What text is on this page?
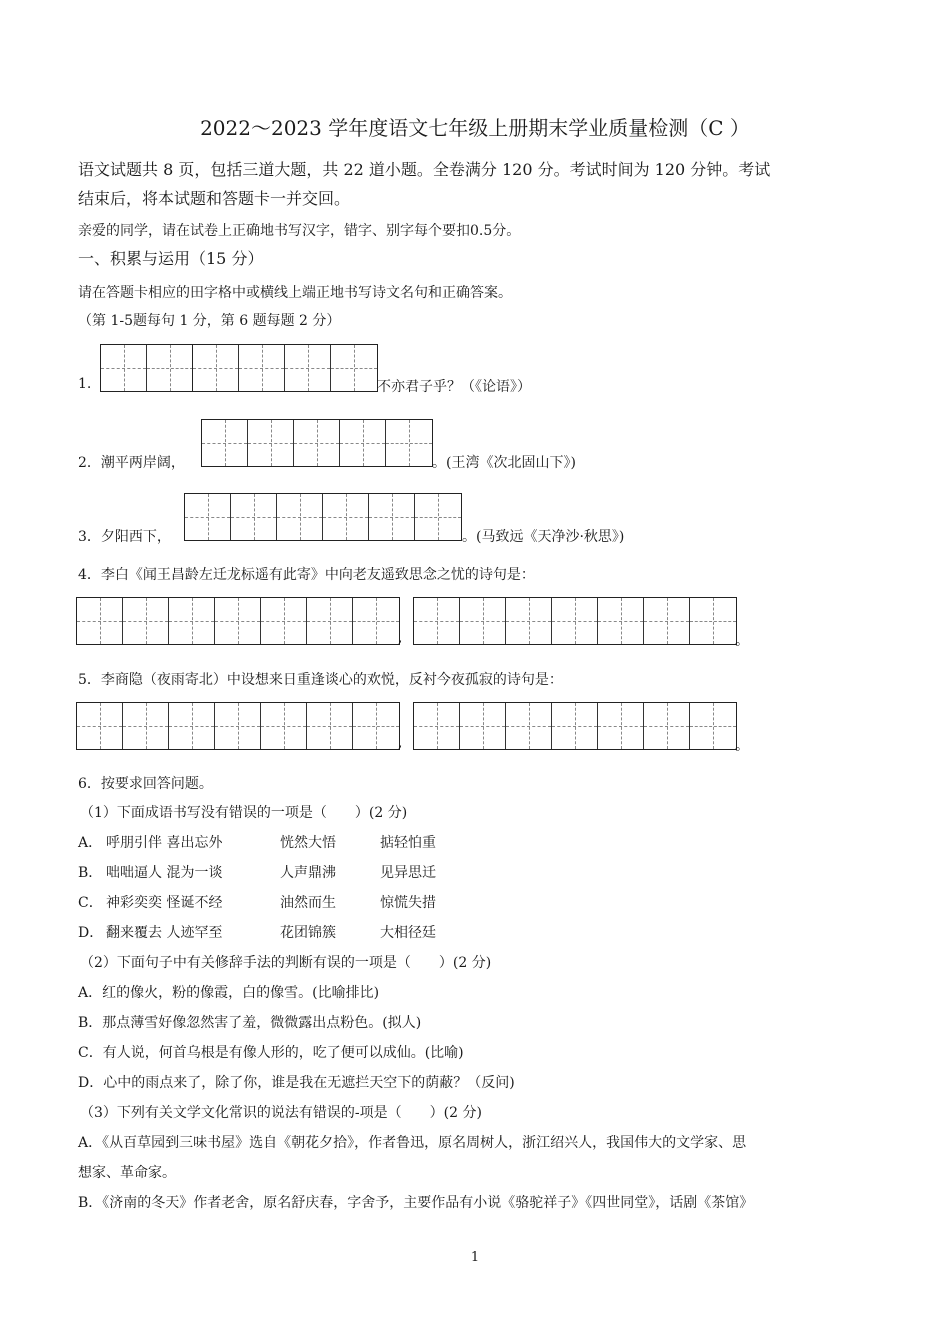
2022～2023 学年度语文七年级上册期末学业质量检测（C ）
语文试题共 8 页，包括三道大题，共 22 道小题。全卷满分 120 分。考试时间为 120 分钟。考试
结束后，将本试题和答题卡一并交回。
亲爱的同学，请在试卷上正确地书写汉字，错字、别字每个要扣0.5分。
一、积累与运用（15 分）
请在答题卡相应的田字格中或横线上端正地书写诗文名句和正确答案。
（第 1-5题每句 1 分，第 6 题每题 2 分）
1.	不亦君子乎？（《论语》）
2．潮平两岸阔，	。(王湾《次北固山下》)
3．夕阳西下，	。(马致远《天净沙·秋思》)
4．李白《闻王昌龄左迁龙标遥有此寄》中向老友遥致思念之忧的诗句是：
,	。
5．李商隐（夜雨寄北）中设想来日重逢谈心的欢悦，反衬今夜孤寂的诗句是：
,	。
6．按要求回答问题。
（1）下面成语书写没有错误的一项是（　　）(2 分)
A． 呼朋引伴 喜出忘外	恍然大悟	掂轻怕重
B． 咄咄逼人 混为一谈	人声鼎沸	见异思迁
C． 神彩奕奕 怪诞不经	油然而生	惊慌失措
D． 翻来覆去 人迹罕至	花团锦簇	大相径廷
（2）下面句子中有关修辞手法的判断有误的一项是（　　）(2 分)
A．红的像火，粉的像霞，白的像雪。(比喻排比)
B．那点薄雪好像忽然害了羞，微微露出点粉色。(拟人)
C．有人说，何首乌根是有像人形的，吃了便可以成仙。(比喻)
D．心中的雨点来了，除了你，谁是我在无遮拦天空下的荫蔽？（反问)
（3）下列有关文学文化常识的说法有错误的-项是（　　）(2 分)
A．《从百草园到三味书屋》选自《朝花夕拾》，作者鲁迅，原名周树人，浙江绍兴人，我国伟大的文学家、思
想家、革命家。
B．《济南的冬天》作者老舍，原名舒庆春，字舍予，主要作品有小说《骆驼祥子》《四世同堂》，话剧《茶馆》
1
